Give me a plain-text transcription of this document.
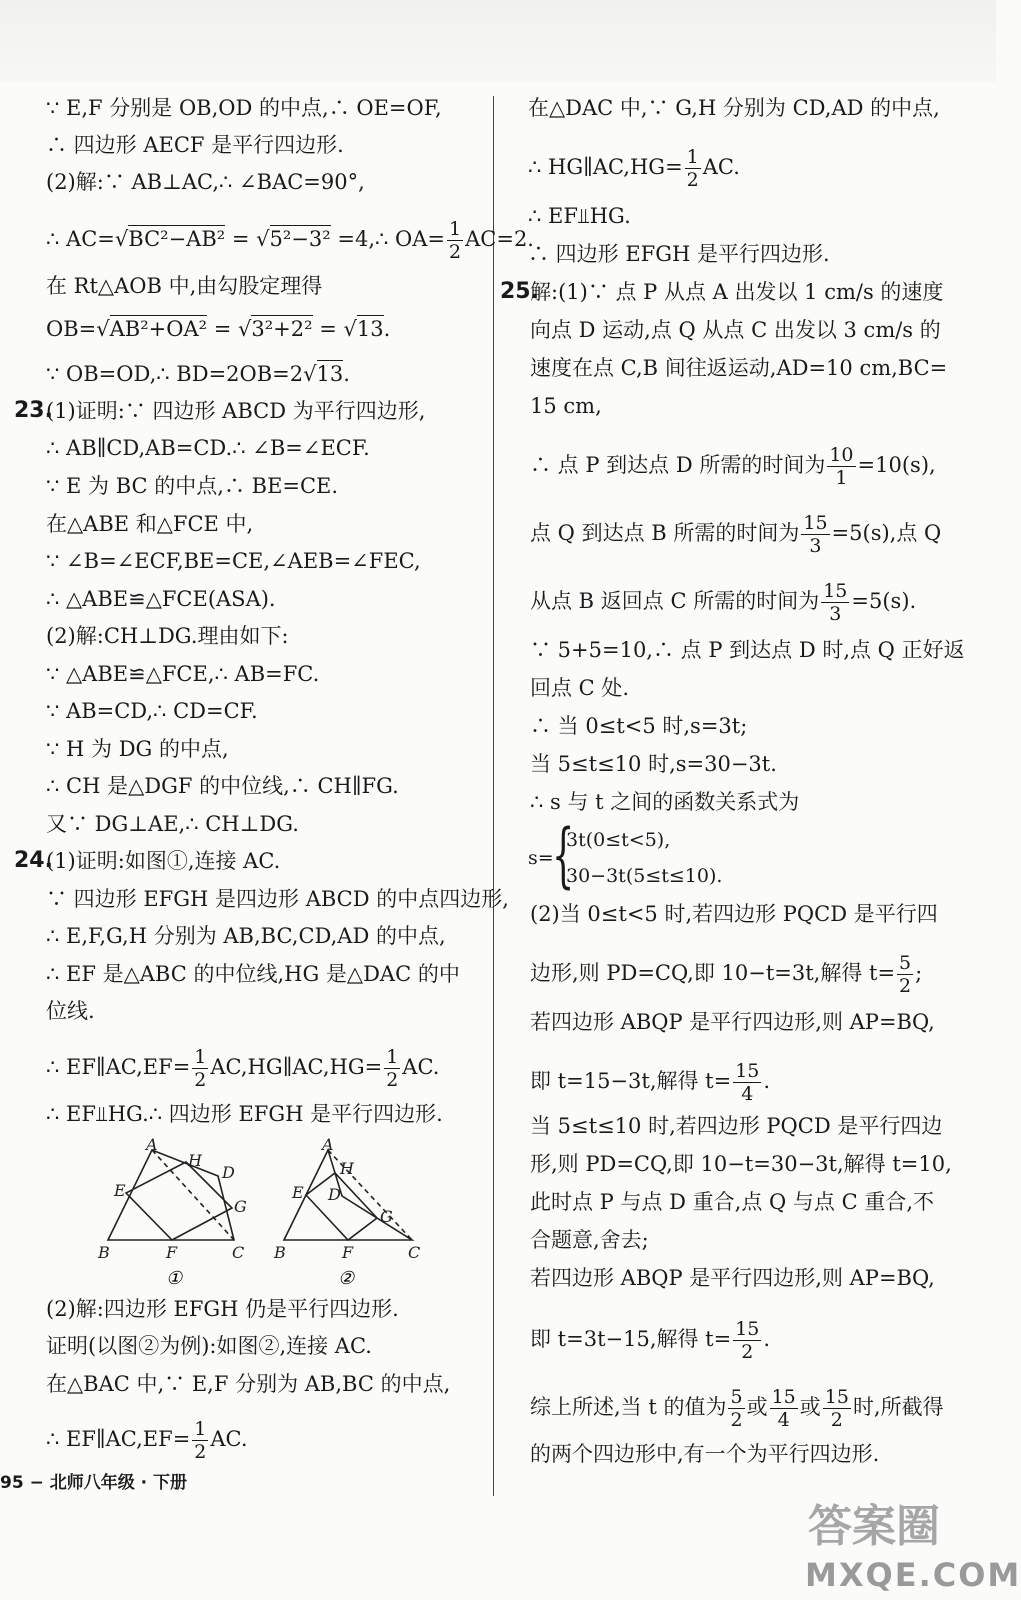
∵ E,F 分别是 OB,OD 的中点,∴ OE=OF,
∴ 四边形 AECF 是平行四边形.
(2)解:∵ AB⊥AC,∴ ∠BAC=90°,
∴ AC=√BC²−AB² = √5²−3² =4,∴ $OA= \frac{1}{2} AC=2$.
在 Rt△AOB 中,由勾股定理得
OB=√AB²+OA² = √3²+2² = √13.
∵ OB=OD,∴ BD=2OB=2√13.
23.
(1)证明:∵ 四边形 ABCD 为平行四边形,
∴ AB∥CD,AB=CD.∴ ∠B=∠ECF.
∵ E 为 BC 的中点,∴ BE=CE.
在△ABE 和△FCE 中,
∵ ∠B=∠ECF,BE=CE,∠AEB=∠FEC,
∴ △ABE≌△FCE(ASA).
(2)解:CH⊥DG.理由如下:
∵ △ABE≌△FCE,∴ AB=FC.
∵ AB=CD,∴ CD=CF.
∵ H 为 DG 的中点,
∴ CH 是△DGF 的中位线,∴ CH∥FG.
又∵ DG⊥AE,∴ CH⊥DG.
24.
(1)证明:如图①,连接 AC.
∵ 四边形 EFGH 是四边形 ABCD 的中点四边形,
∴ E,F,G,H 分别为 AB,BC,CD,AD 的中点,
∴ EF 是△ABC 的中位线,HG 是△DAC 的中
位线.
∴ EF∥AC,EF= $\frac{1}{2}$ AC,HG∥AC,HG= $\frac{1}{2}$ AC.
∴ EF⫫HG.∴ 四边形 EFGH 是平行四边形.
A
B	C
D
E
F
G
H
①
A
B	C
D
E
F
G
H
②
(2)解:四边形 EFGH 仍是平行四边形.
证明(以图②为例):如图②,连接 AC.
在△BAC 中,∵ E,F 分别为 AB,BC 的中点,
∴ EF∥AC,EF= $\frac{1}{2}$ AC.
在△DAC 中,∵ G,H 分别为 CD,AD 的中点,
∴ HG∥AC,HG= $\frac{1}{2}$ AC.
∴ EF⫫HG.
∴ 四边形 EFGH 是平行四边形.
25.
解:(1)∵ 点 P 从点 A 出发以 1 cm/s 的速度
向点 D 运动,点 Q 从点 C 出发以 3 cm/s 的
速度在点 C,B 间往返运动,AD=10 cm,BC=
15 cm,
∴ 点 P 到达点 D 所需的时间为 $\frac{10}{1} =10(s)$,
点 Q 到达点 B 所需的时间为 $\frac{15}{3} =5(s)$,点 Q
从点 B 返回点 C 所需的时间为 $\frac{15}{3} =5(s)$.
∵ 5+5=10,∴ 点 P 到达点 D 时,点 Q 正好返
回点 C 处.
∴ 当 0≤t<5 时,s=3t;
当 5≤t≤10 时,s=30−3t.
∴ s 与 t 之间的函数关系式为
s=
{
3t(0≤t<5),
30−3t(5≤t≤10).
(2)当 0≤t<5 时,若四边形 PQCD 是平行四
边形,则 PD=CQ,即 10−t=3t,解得 $t= \frac{5}{2}$ ;
若四边形 ABQP 是平行四边形,则 AP=BQ,
即 t=15−3t,解得 $t= \frac{15}{4}$ .
当 5≤t≤10 时,若四边形 PQCD 是平行四边
形,则 PD=CQ,即 10−t=30−3t,解得 t=10,
此时点 P 与点 D 重合,点 Q 与点 C 重合,不
合题意,舍去;
若四边形 ABQP 是平行四边形,则 AP=BQ,
即 t=3t−15,解得 $t= \frac{15}{2}$ .
综上所述,当 t 的值为 $\frac{5}{2}$ 或 $\frac{15}{4}$ 或 $\frac{15}{2}$ 时,所截得
的两个四边形中,有一个为平行四边形.
95 − 北师八年级 · 下册
答案圈
MXQE.COM
